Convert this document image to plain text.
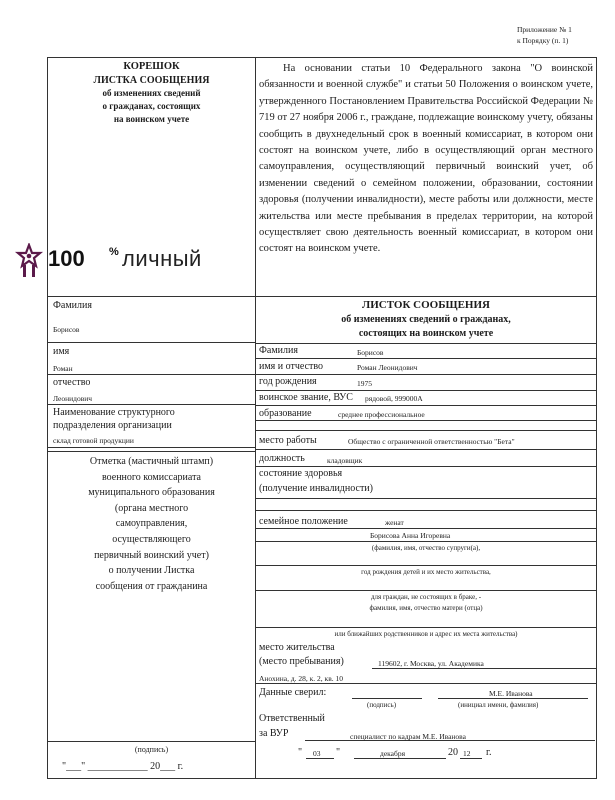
Приложение № 1
к Порядку (п. 1)
КОРЕШОК
ЛИСТКА СООБЩЕНИЯ
об изменениях сведений
о гражданах, состоящих
на воинском учете
Фамилия
Борисов
имя
Роман
отчество
Леонидович
Наименование структурного
подразделения организации
склад готовой продукции
Отметка (мастичный штамп)
военного комиссариата
муниципального образования
(органа местного
самоуправления,
осуществляющего
первичный воинский учет)
о получении Листка
сообщения от гражданина
(подпись)
"___" ____________ 20___ г.
100 % личный
На основании статьи 10 Федерального закона "О воинской обязанности и военной службе" и статьи 50 Положения о воинском учете, утвержденного Постановлением Правительства Российской Федерации № 719 от 27 ноября 2006 г., граждане, подлежащие воинскому учету, обязаны сообщить в двухнедельный срок в военный комиссариат, в котором они состоят на воинском учете, либо в осуществляющий орган местного самоуправления, осуществляющий первичный воинский учет, об изменении сведений о семейном положении, образовании, состоянии здоровья (получении инвалидности), месте работы или должности, месте жительства или месте пребывания в пределах территории, на которой осуществляет свою деятельность военный комиссариат, в котором они состоят на воинском учете.
ЛИСТОК СООБЩЕНИЯ
об изменениях сведений о гражданах,
состоящих на воинском учете
Фамилия	Борисов
имя и отчество	Роман Леонидович
год рождения	1975
воинское звание, ВУС рядовой, 999000А
образование	среднее профессиональное
место работы	Общество с ограниченной ответственностью "Бета"
должность	кладовщик
состояние здоровья
(получение инвалидности)
семейное положение	женат
Борисова Анна Игоревна
(фамилия, имя, отчество супруги(а),
год рождения детей и их место жительства,
для граждан, не состоящих в браке, -
фамилия, имя, отчество матери (отца)
или ближайших родственников и адрес их места жительства)
место жительства
(место пребывания)	119602, г. Москва, ул. Академика
Анохина, д. 28, к. 2, кв. 10
Данные сверил:	М.Е. Иванова
(подпись)	(инициал имени, фамилия)
Ответственный
за ВУР	специалист по кадрам М.Е. Иванова
" 03 "	декабря	20 12 г.
